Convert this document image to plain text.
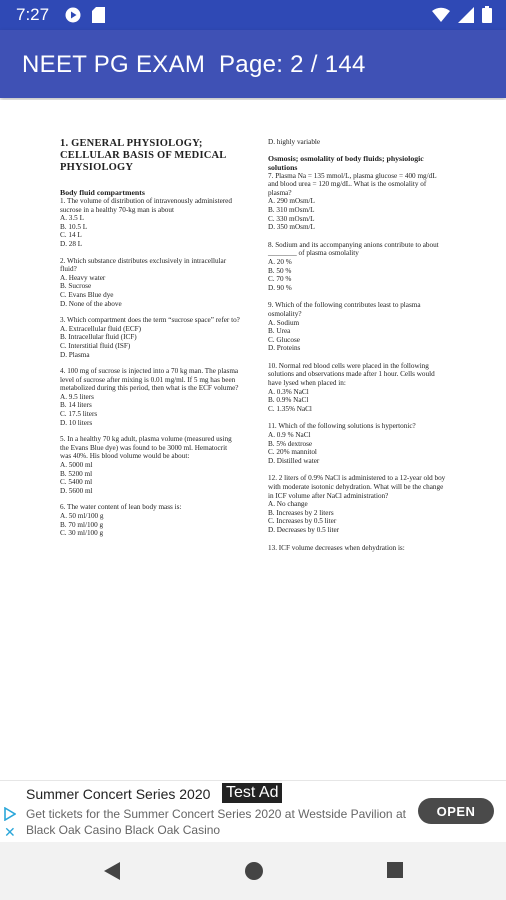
7:27
NEET PG EXAM Page: 2 / 144
1. GENERAL PHYSIOLOGY; CELLULAR BASIS OF MEDICAL PHYSIOLOGY
Body fluid compartments
1. The volume of distribution of intravenously administered sucrose in a healthy 70-kg man is about
A. 3.5 L
B. 10.5 L
C. 14 L
D. 28 L
2. Which substance distributes exclusively in intracellular fluid?
A. Heavy water
B. Sucrose
C. Evans Blue dye
D. None of the above
3. Which compartment does the term “sucrose space” refer to?
A. Extracellular fluid (ECF)
B. Intracellular fluid (ICF)
C. Interstitial fluid (ISF)
D. Plasma
4. 100 mg of sucrose is injected into a 70 kg man. The plasma level of sucrose after mixing is 0.01 mg/ml. If 5 mg has been metabolized during this period, then what is the ECF volume?
A. 9.5 liters
B. 14 liters
C. 17.5 liters
D. 10 liters
5. In a healthy 70 kg adult, plasma volume (measured using the Evans Blue dye) was found to be 3000 ml. Hematocrit was 40%. His blood volume would be about:
A. 5000 ml
B. 5200 ml
C. 5400 ml
D. 5600 ml
6. The water content of lean body mass is:
A. 50 ml/100 g
B. 70 ml/100 g
C. 30 ml/100 g
D. highly variable
Osmosis; osmolality of body fluids; physiologic solutions
7. Plasma Na = 135 mmol/L, plasma glucose = 400 mg/dL and blood urea = 120 mg/dL. What is the osmolality of plasma?
A. 290 mOsm/L
B. 310 mOsm/L
C. 330 mOsm/L
D. 350 mOsm/L
8. Sodium and its accompanying anions contribute to about ________ of plasma osmolality
A. 20 %
B. 50 %
C. 70 %
D. 90 %
9. Which of the following contributes least to plasma osmolality?
A. Sodium
B. Urea
C. Glucose
D. Proteins
10. Normal red blood cells were placed in the following solutions and observations made after 1 hour. Cells would have lysed when placed in:
A. 0.3% NaCl
B. 0.9% NaCl
C. 1.35% NaCl
11. Which of the following solutions is hypertonic?
A. 0.9 % NaCl
B. 5% dextrose
C. 20% mannitol
D. Distilled water
12. 2 liters of 0.9% NaCl is administered to a 12-year old boy with moderate isotonic dehydration. What will be the change in ICF volume after NaCl administration?
A. No change
B. Increases by 2 liters
C. Increases by 0.5 liter
D. Decreases by 0.5 liter
13. ICF volume decreases when dehydration is:
Summer Concert Series 2020 Test Ad
✕
Get tickets for the Summer Concert Series 2020 at Westside Pavilion at Black Oak Casino Black Oak Casino
OPEN
